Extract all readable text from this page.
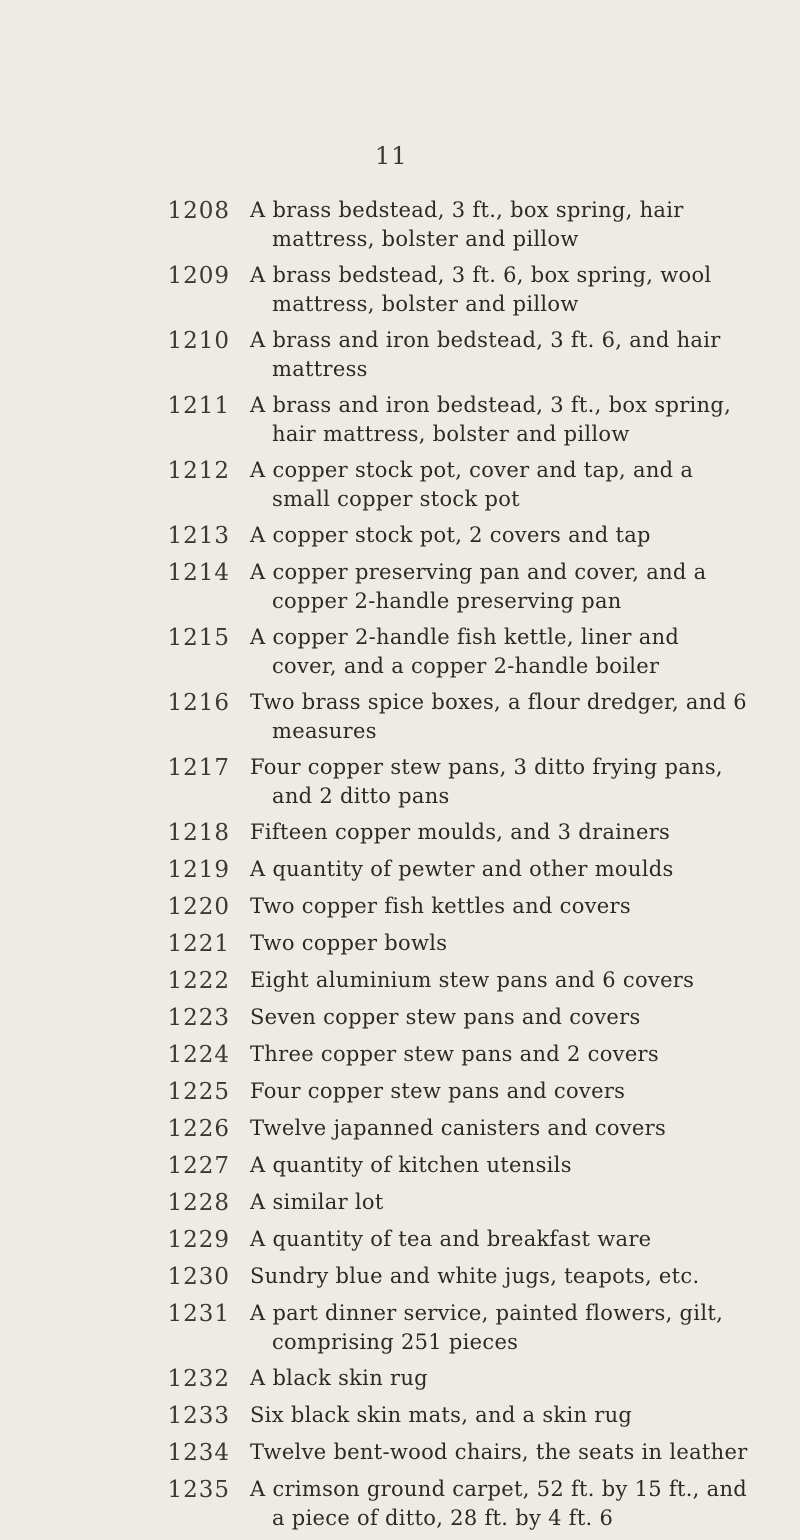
11
1208 A brass bedstead, 3 ft., box spring, hair mattress, bolster and pillow
1209 A brass bedstead, 3 ft. 6, box spring, wool mattress, bolster and pillow
1210 A brass and iron bedstead, 3 ft. 6, and hair mattress
1211 A brass and iron bedstead, 3 ft., box spring, hair mattress, bolster and pillow
1212 A copper stock pot, cover and tap, and a small copper stock pot
1213 A copper stock pot, 2 covers and tap
1214 A copper preserving pan and cover, and a copper 2-handle preserving pan
1215 A copper 2-handle fish kettle, liner and cover, and a copper 2-handle boiler
1216 Two brass spice boxes, a flour dredger, and 6 measures
1217 Four copper stew pans, 3 ditto frying pans, and 2 ditto pans
1218 Fifteen copper moulds, and 3 drainers
1219 A quantity of pewter and other moulds
1220 Two copper fish kettles and covers
1221 Two copper bowls
1222 Eight aluminium stew pans and 6 covers
1223 Seven copper stew pans and covers
1224 Three copper stew pans and 2 covers
1225 Four copper stew pans and covers
1226 Twelve japanned canisters and covers
1227 A quantity of kitchen utensils
1228 A similar lot
1229 A quantity of tea and breakfast ware
1230 Sundry blue and white jugs, teapots, etc.
1231 A part dinner service, painted flowers, gilt, comprising 251 pieces
1232 A black skin rug
1233 Six black skin mats, and a skin rug
1234 Twelve bent-wood chairs, the seats in leather
1235 A crimson ground carpet, 52 ft. by 15 ft., and a piece of ditto, 28 ft. by 4 ft. 6
